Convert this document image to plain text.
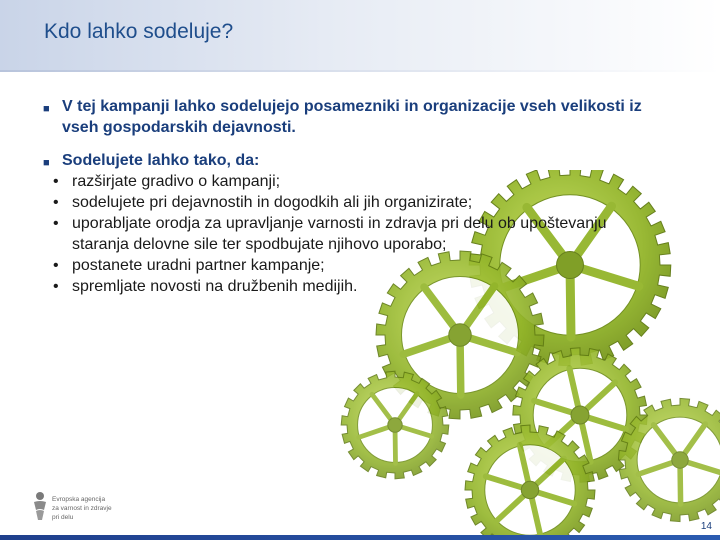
Kdo lahko sodeluje?
■ V tej kampanji lahko sodelujejo posamezniki in organizacije vseh velikosti iz vseh gospodarskih dejavnosti.
■ Sodelujete lahko tako, da:
• razširjate gradivo o kampanji;
• sodelujete pri dejavnostih in dogodkih ali jih organizirate;
• uporabljate orodja za upravljanje varnosti in zdravja pri delu ob upoštevanju staranja delovne sile ter spodbujate njihovo uporabo;
• postanete uradni partner kampanje;
• spremljate novosti na družbenih medijih.
Evropska agencija
za varnost in zdravje
pri delu
14
